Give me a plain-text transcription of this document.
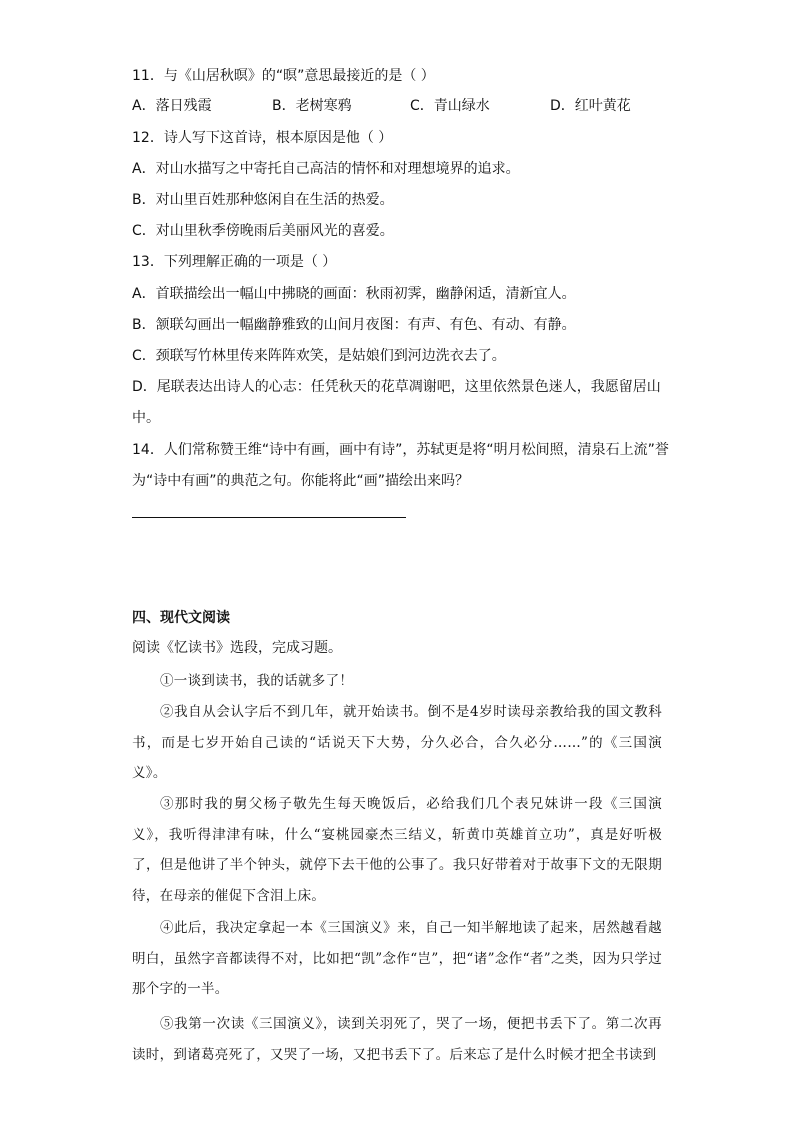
11．与《山居秋暝》的“暝”意思最接近的是（ ）
A．落日残霞	B．老树寒鸦	C．青山绿水	D．红叶黄花
12．诗人写下这首诗，根本原因是他（ ）
A．对山水描写之中寄托自己高洁的情怀和对理想境界的追求。
B．对山里百姓那种悠闲自在生活的热爱。
C．对山里秋季傍晚雨后美丽风光的喜爱。
13．下列理解正确的一项是（ ）
A．首联描绘出一幅山中拂晓的画面：秋雨初霁，幽静闲适，清新宜人。
B．颔联勾画出一幅幽静雅致的山间月夜图：有声、有色、有动、有静。
C．颈联写竹林里传来阵阵欢笑，是姑娘们到河边洗衣去了。
D．尾联表达出诗人的心志：任凭秋天的花草凋谢吧，这里依然景色迷人，我愿留居山
中。
14．人们常称赞王维“诗中有画，画中有诗”，苏轼更是将“明月松间照，清泉石上流”誉
为“诗中有画”的典范之句。你能将此“画”描绘出来吗？
四、现代文阅读
阅读《忆读书》选段，完成习题。
①一谈到读书，我的话就多了！
②我自从会认字后不到几年，就开始读书。倒不是4岁时读母亲教给我的国文教科书，而是七岁开始自己读的“话说天下大势，分久必合，合久必分……”的《三国演义》。
③那时我的舅父杨子敬先生每天晚饭后，必给我们几个表兄妹讲一段《三国演义》，我听得津津有味，什么“宴桃园豪杰三结义，斩黄巾英雄首立功”，真是好听极了，但是他讲了半个钟头，就停下去干他的公事了。我只好带着对于故事下文的无限期待，在母亲的催促下含泪上床。
④此后，我决定拿起一本《三国演义》来，自己一知半解地读了起来，居然越看越明白，虽然字音都读得不对，比如把“凯”念作“岂”，把“诸”念作“者”之类，因为只学过那个字的一半。
⑤我第一次读《三国演义》，读到关羽死了，哭了一场，便把书丢下了。第二次再读时，到诸葛亮死了，又哭了一场，又把书丢下了。后来忘了是什么时候才把全书读到
